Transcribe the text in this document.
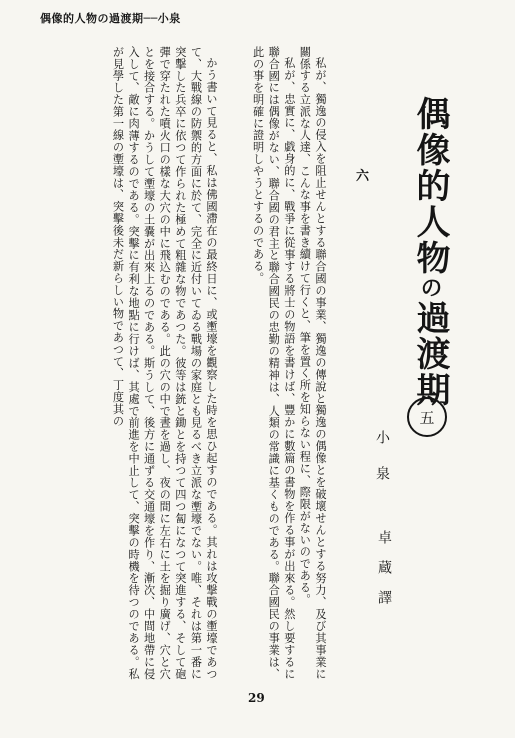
偶像的人物の過渡期──小泉
偶像的人物の過渡期
五
小泉
卓蔵譯
六

私が、獨逸の侵入を阻止せんとする聯合國の事業、獨逸の傳說と獨逸の偶像とを破壞せんとする努力、及び其事業に關係する立派な人達、こんな事を書き續けて行くと、筆を置く所を知らない程に、際限がないのである。

私が、忠實に、戯身的に、戰爭に從事する將士の物語を書けば、豐かに數篇の書物を作る事が出來る。然し要するに聯合國には偶像がない、聯合國の君主と聯合國民の忠勤の精神は、人類の常識に基くものである。聯合國民の事業は、此の事を明確に證明しやうとするのである。

かう書いて見ると、私は佛國滯在の最終日に、或壍壕を觀察した時を思ひ起すのである。其れは攻撃戰の壍壕であつて、大戰線の防禦的方面に於て、完全に近付いてゐる戰場の家庭とも見るべき立派な壍壕でない。唯、それは第一番に突擊した兵卒に依つて作られた極めて粗雜な物であつた。彼等は銃と鋤とを持つて四つ匐になつて突進する、そして砲彈で穿たれた噴火口の樣な大穴の中に飛込むのである。此の穴の中で晝を過し、夜の間に左右に土を掘り廣げ、穴と穴とを接合する。かうして壍壕の土嚢が出來上るのである。斯うして、後方に通ずる交通壕を作り、漸次、中間地帶に侵入して、敵に肉薄するのである。突擊に有利な地點に行けば、其處で前進を中止して、突擊の時機を待つのである。私が見學した第一線の壍壕は、突擊後未だ新らしい物であつて、丁度其の

29
